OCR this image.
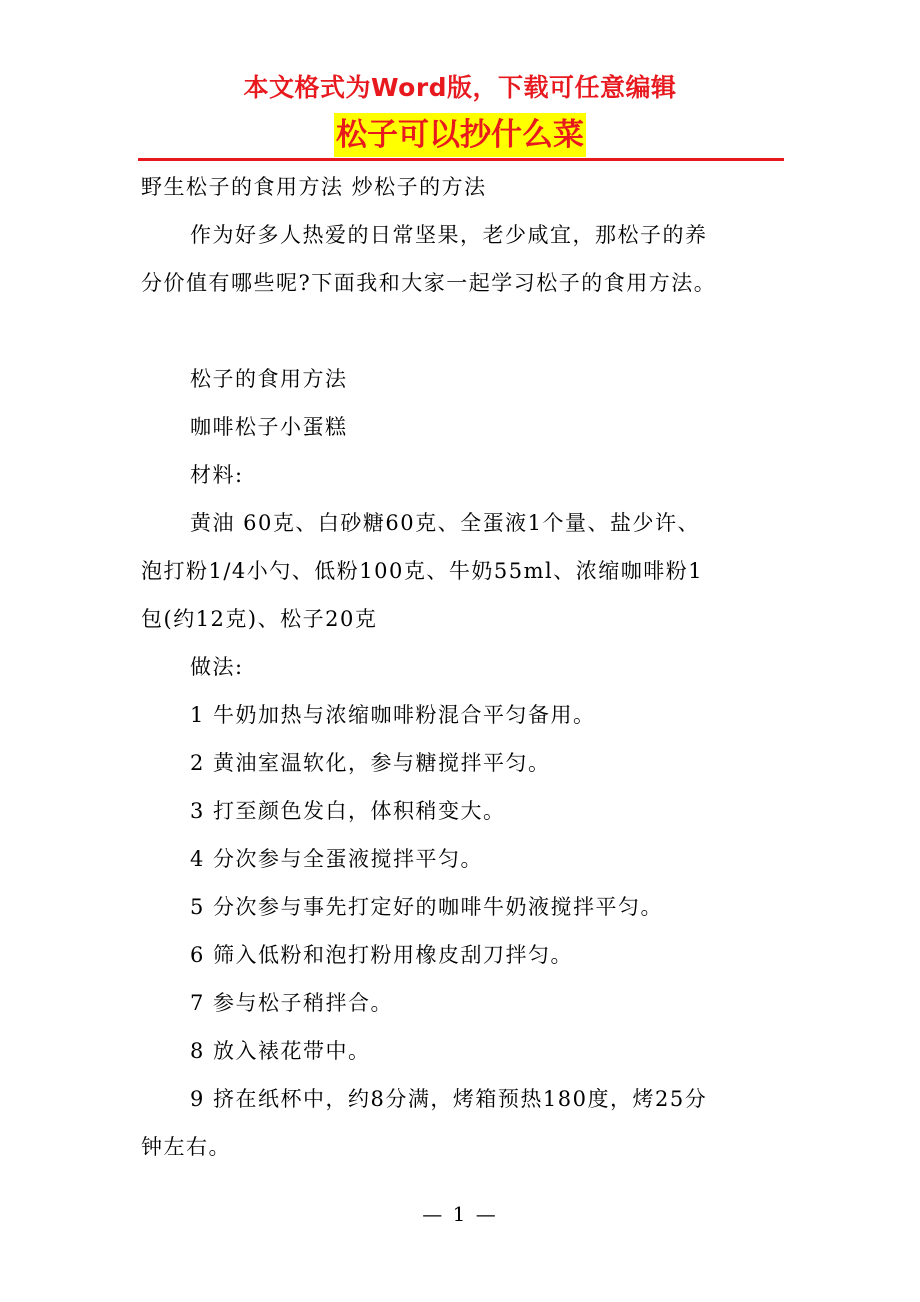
本文格式为Word版，下载可任意编辑
松子可以抄什么菜
野生松子的食用方法 炒松子的方法
作为好多人热爱的日常坚果，老少咸宜，那松子的养
分价值有哪些呢?下面我和大家一起学习松子的食用方法。
松子的食用方法
咖啡松子小蛋糕
材料:
黄油 60克、白砂糖60克、全蛋液1个量、盐少许、
泡打粉1/4小勺、低粉100克、牛奶55ml、浓缩咖啡粉1
包(约12克)、松子20克
做法:
1 牛奶加热与浓缩咖啡粉混合平匀备用。
2 黄油室温软化，参与糖搅拌平匀。
3 打至颜色发白，体积稍变大。
4 分次参与全蛋液搅拌平匀。
5 分次参与事先打定好的咖啡牛奶液搅拌平匀。
6 筛入低粉和泡打粉用橡皮刮刀拌匀。
7 参与松子稍拌合。
8 放入裱花带中。
9 挤在纸杯中，约8分满，烤箱预热180度，烤25分
钟左右。
— 1 —
